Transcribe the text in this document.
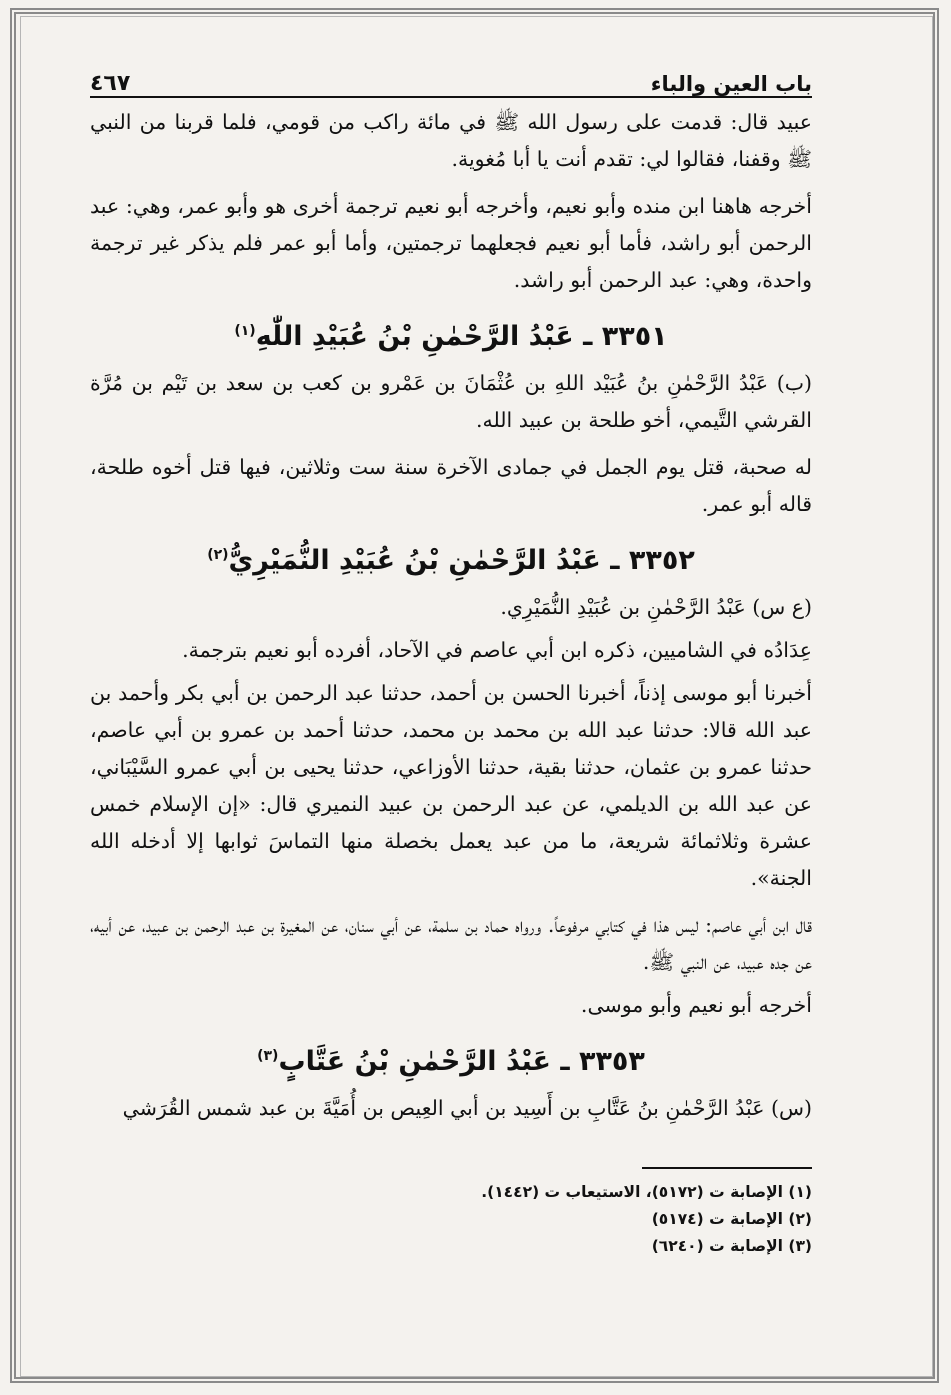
باب العين والباء
٤٦٧

عبيد قال: قدمت على رسول الله ﷺ في مائة راكب من قومي، فلما قربنا من النبي ﷺ وقفنا، فقالوا لي: تقدم أنت يا أبا مُغوية.

أخرجه هاهنا ابن منده وأبو نعيم، وأخرجه أبو نعيم ترجمة أخرى هو وأبو عمر، وهي: عبد الرحمن أبو راشد، فأما أبو نعيم فجعلهما ترجمتين، وأما أبو عمر فلم يذكر غير ترجمة واحدة، وهي: عبد الرحمن أبو راشد.

٣٣٥١ ـ عَبْدُ الرَّحْمٰنِ بْنُ عُبَيْدِ اللّٰهِ$^{(١)}$

(ب) عَبْدُ الرَّحْمٰنِ بنُ عُبَيْد اللهِ بن عُثْمَانَ بن عَمْرو بن كعب بن سعد بن تَيْم بن مُرَّة القرشي التَّيمي، أخو طلحة بن عبيد الله.

له صحبة، قتل يوم الجمل في جمادى الآخرة سنة ست وثلاثين، فيها قتل أخوه طلحة، قاله أبو عمر.

٣٣٥٢ ـ عَبْدُ الرَّحْمٰنِ بْنُ عُبَيْدِ النُّمَيْرِيُّ$^{(٢)}$

(ع س) عَبْدُ الرَّحْمٰنِ بن عُبَيْدِ النُّمَيْرِي.

عِدَادُه في الشاميين، ذكره ابن أبي عاصم في الآحاد، أفرده أبو نعيم بترجمة.

أخبرنا أبو موسى إذناً، أخبرنا الحسن بن أحمد، حدثنا عبد الرحمن بن أبي بكر وأحمد بن عبد الله قالا: حدثنا عبد الله بن محمد بن محمد، حدثنا أحمد بن عمرو بن أبي عاصم، حدثنا عمرو بن عثمان، حدثنا بقية، حدثنا الأوزاعي، حدثنا يحيى بن أبي عمرو السَّيْبَاني، عن عبد الله بن الديلمي، عن عبد الرحمن بن عبيد النميري قال: «إن الإسلام خمس عشرة وثلاثمائة شريعة، ما من عبد يعمل بخصلة منها التماسَ ثوابها إلا أدخله الله الجنة».

قال ابن أبي عاصم: ليس هذا في كتابي مرفوعاً. ورواه حماد بن سلمة، عن أبي سنان، عن المغيرة بن عبد الرحمن بن عبيد، عن أبيه، عن جده عبيد، عن النبي ﷺ.

أخرجه أبو نعيم وأبو موسى.

٣٣٥٣ ـ عَبْدُ الرَّحْمٰنِ بْنُ عَتَّابٍ$^{(٣)}$

(س) عَبْدُ الرَّحْمٰنِ بنُ عَتَّابِ بن أَسِيد بن أبي العِيص بن أُمَيَّةَ بن عبد شمس القُرَشي

(١) الإصابة ت (٥١٧٢)، الاستيعاب ت (١٤٤٢).
(٢) الإصابة ت (٥١٧٤)
(٣) الإصابة ت (٦٢٤٠)
